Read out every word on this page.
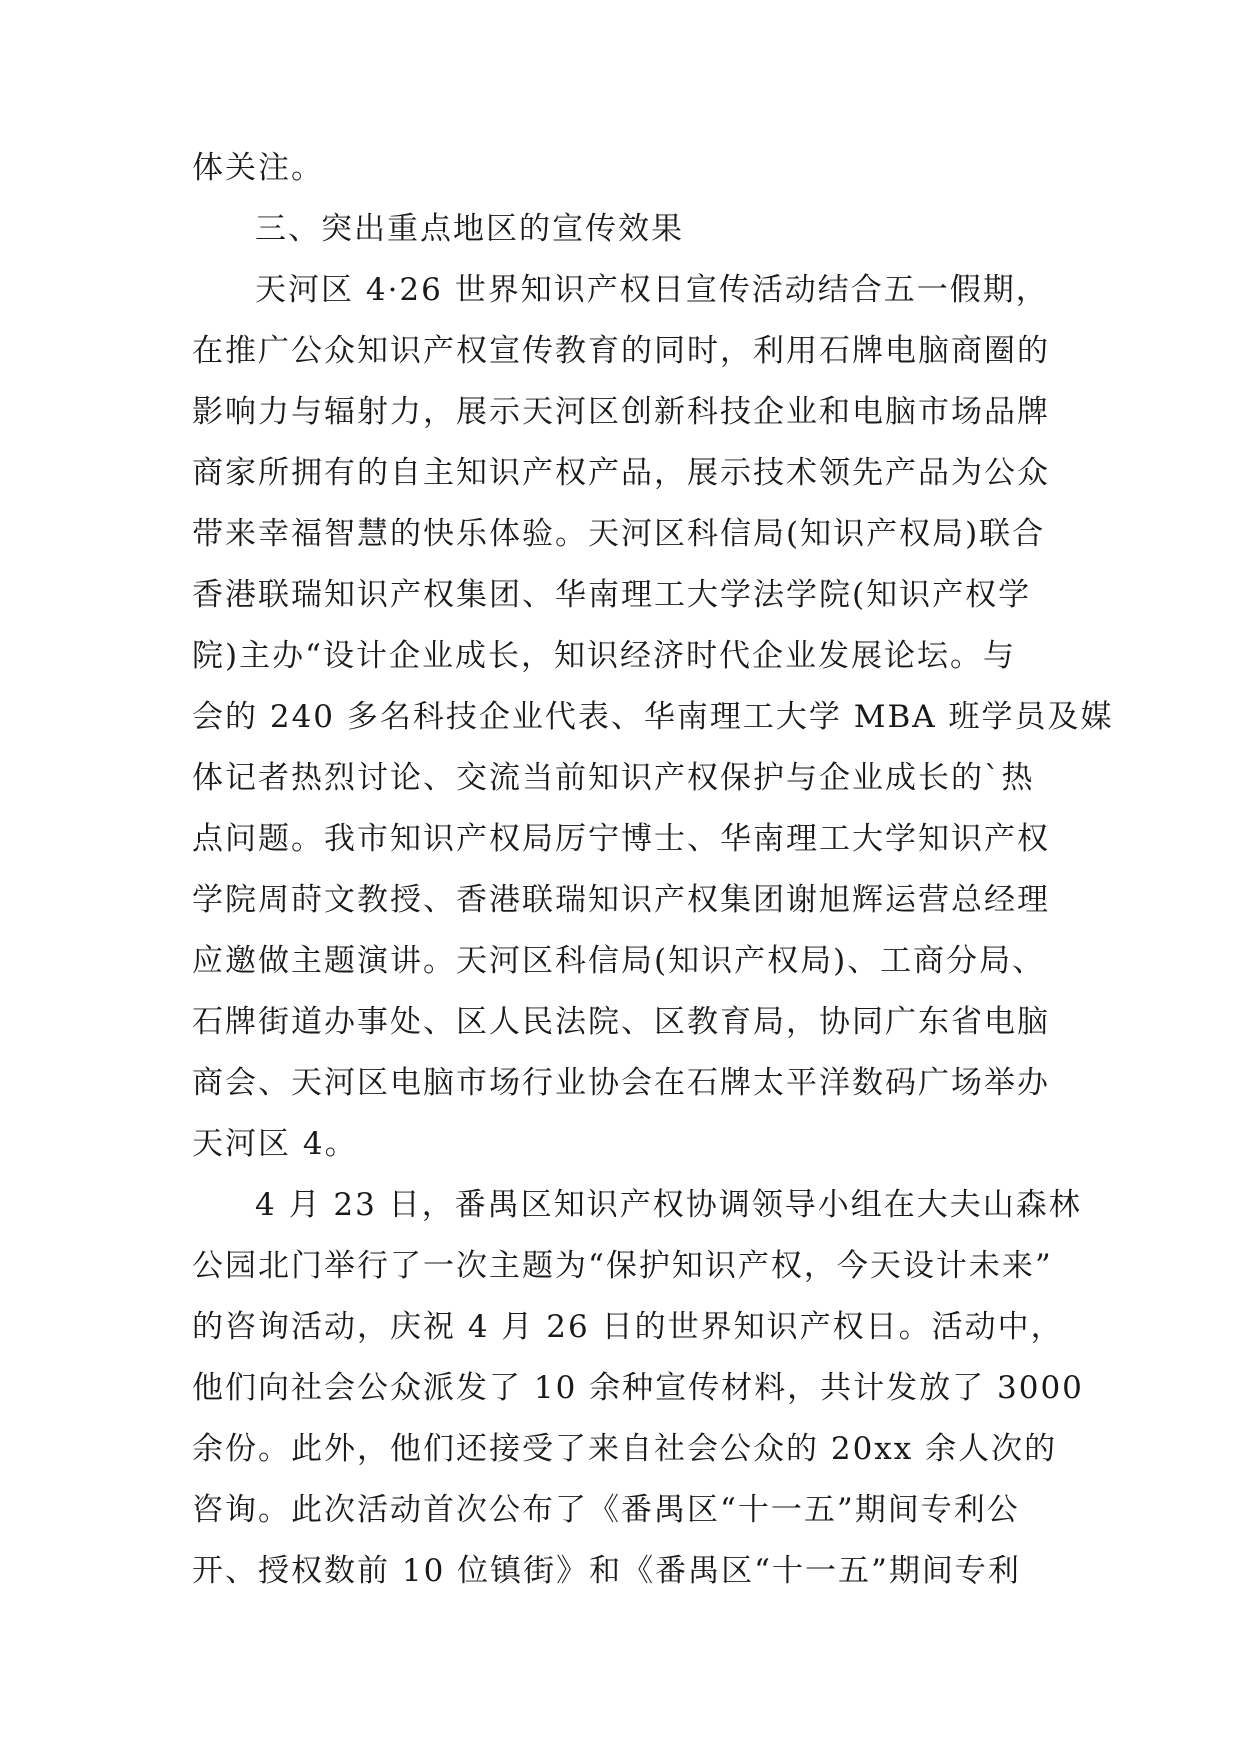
体关注。
三、突出重点地区的宣传效果
天河区 4·26 世界知识产权日宣传活动结合五一假期，
在推广公众知识产权宣传教育的同时，利用石牌电脑商圈的
影响力与辐射力，展示天河区创新科技企业和电脑市场品牌
商家所拥有的自主知识产权产品，展示技术领先产品为公众
带来幸福智慧的快乐体验。天河区科信局(知识产权局)联合
香港联瑞知识产权集团、华南理工大学法学院(知识产权学
院)主办“设计企业成长，知识经济时代企业发展论坛。与
会的 240 多名科技企业代表、华南理工大学 MBA 班学员及媒
体记者热烈讨论、交流当前知识产权保护与企业成长的`热
点问题。我市知识产权局厉宁博士、华南理工大学知识产权
学院周莳文教授、香港联瑞知识产权集团谢旭辉运营总经理
应邀做主题演讲。天河区科信局(知识产权局)、工商分局、
石牌街道办事处、区人民法院、区教育局，协同广东省电脑
商会、天河区电脑市场行业协会在石牌太平洋数码广场举办
天河区 4。
4 月 23 日，番禺区知识产权协调领导小组在大夫山森林
公园北门举行了一次主题为“保护知识产权，今天设计未来”
的咨询活动，庆祝 4 月 26 日的世界知识产权日。活动中，
他们向社会公众派发了 10 余种宣传材料，共计发放了 3000
余份。此外，他们还接受了来自社会公众的 20xx 余人次的
咨询。此次活动首次公布了《番禺区“十一五”期间专利公
开、授权数前 10 位镇街》和《番禺区“十一五”期间专利
